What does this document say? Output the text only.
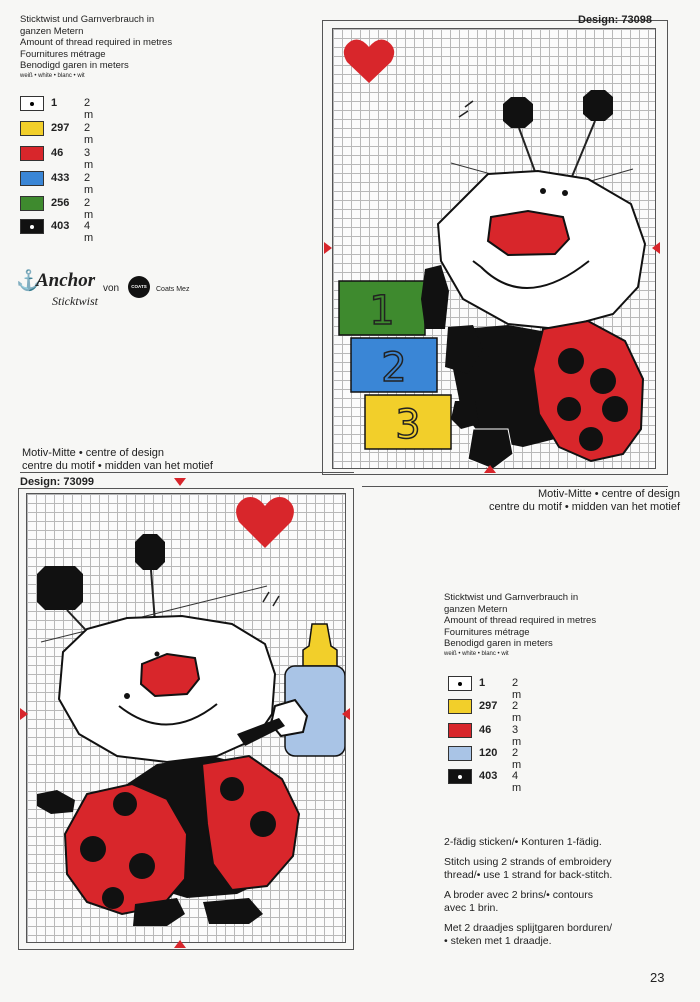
Sticktwist und Garnverbrauch in
ganzen Metern
Amount of thread required in metres
Fournitures métrage
Benodigd garen in meters
weiß • white • blanc • wit
1 2 m
297 2 m
46 3 m
433 2 m
256 2 m
403 4 m
⚓
Anchor
Sticktwist
von	COATS	Coats Mez
Design: 73098
1
2
3
Motiv-Mitte • centre of design
centre du motif • midden van het motief
Motiv-Mitte • centre of design
centre du motif • midden van het motief
Design: 73099
Sticktwist und Garnverbrauch in
ganzen Metern
Amount of thread required in metres
Fournitures métrage
Benodigd garen in meters
weiß • white • blanc • wit
1 2 m
297 2 m
46 3 m
120 2 m
403 4 m
2-fädig sticken/• Konturen 1-fädig.
Stitch using 2 strands of embroidery
thread/• use 1 strand for back-stitch.
A broder avec 2 brins/• contours
avec 1 brin.
Met 2 draadjes splijtgaren borduren/
• steken met 1 draadje.
23
